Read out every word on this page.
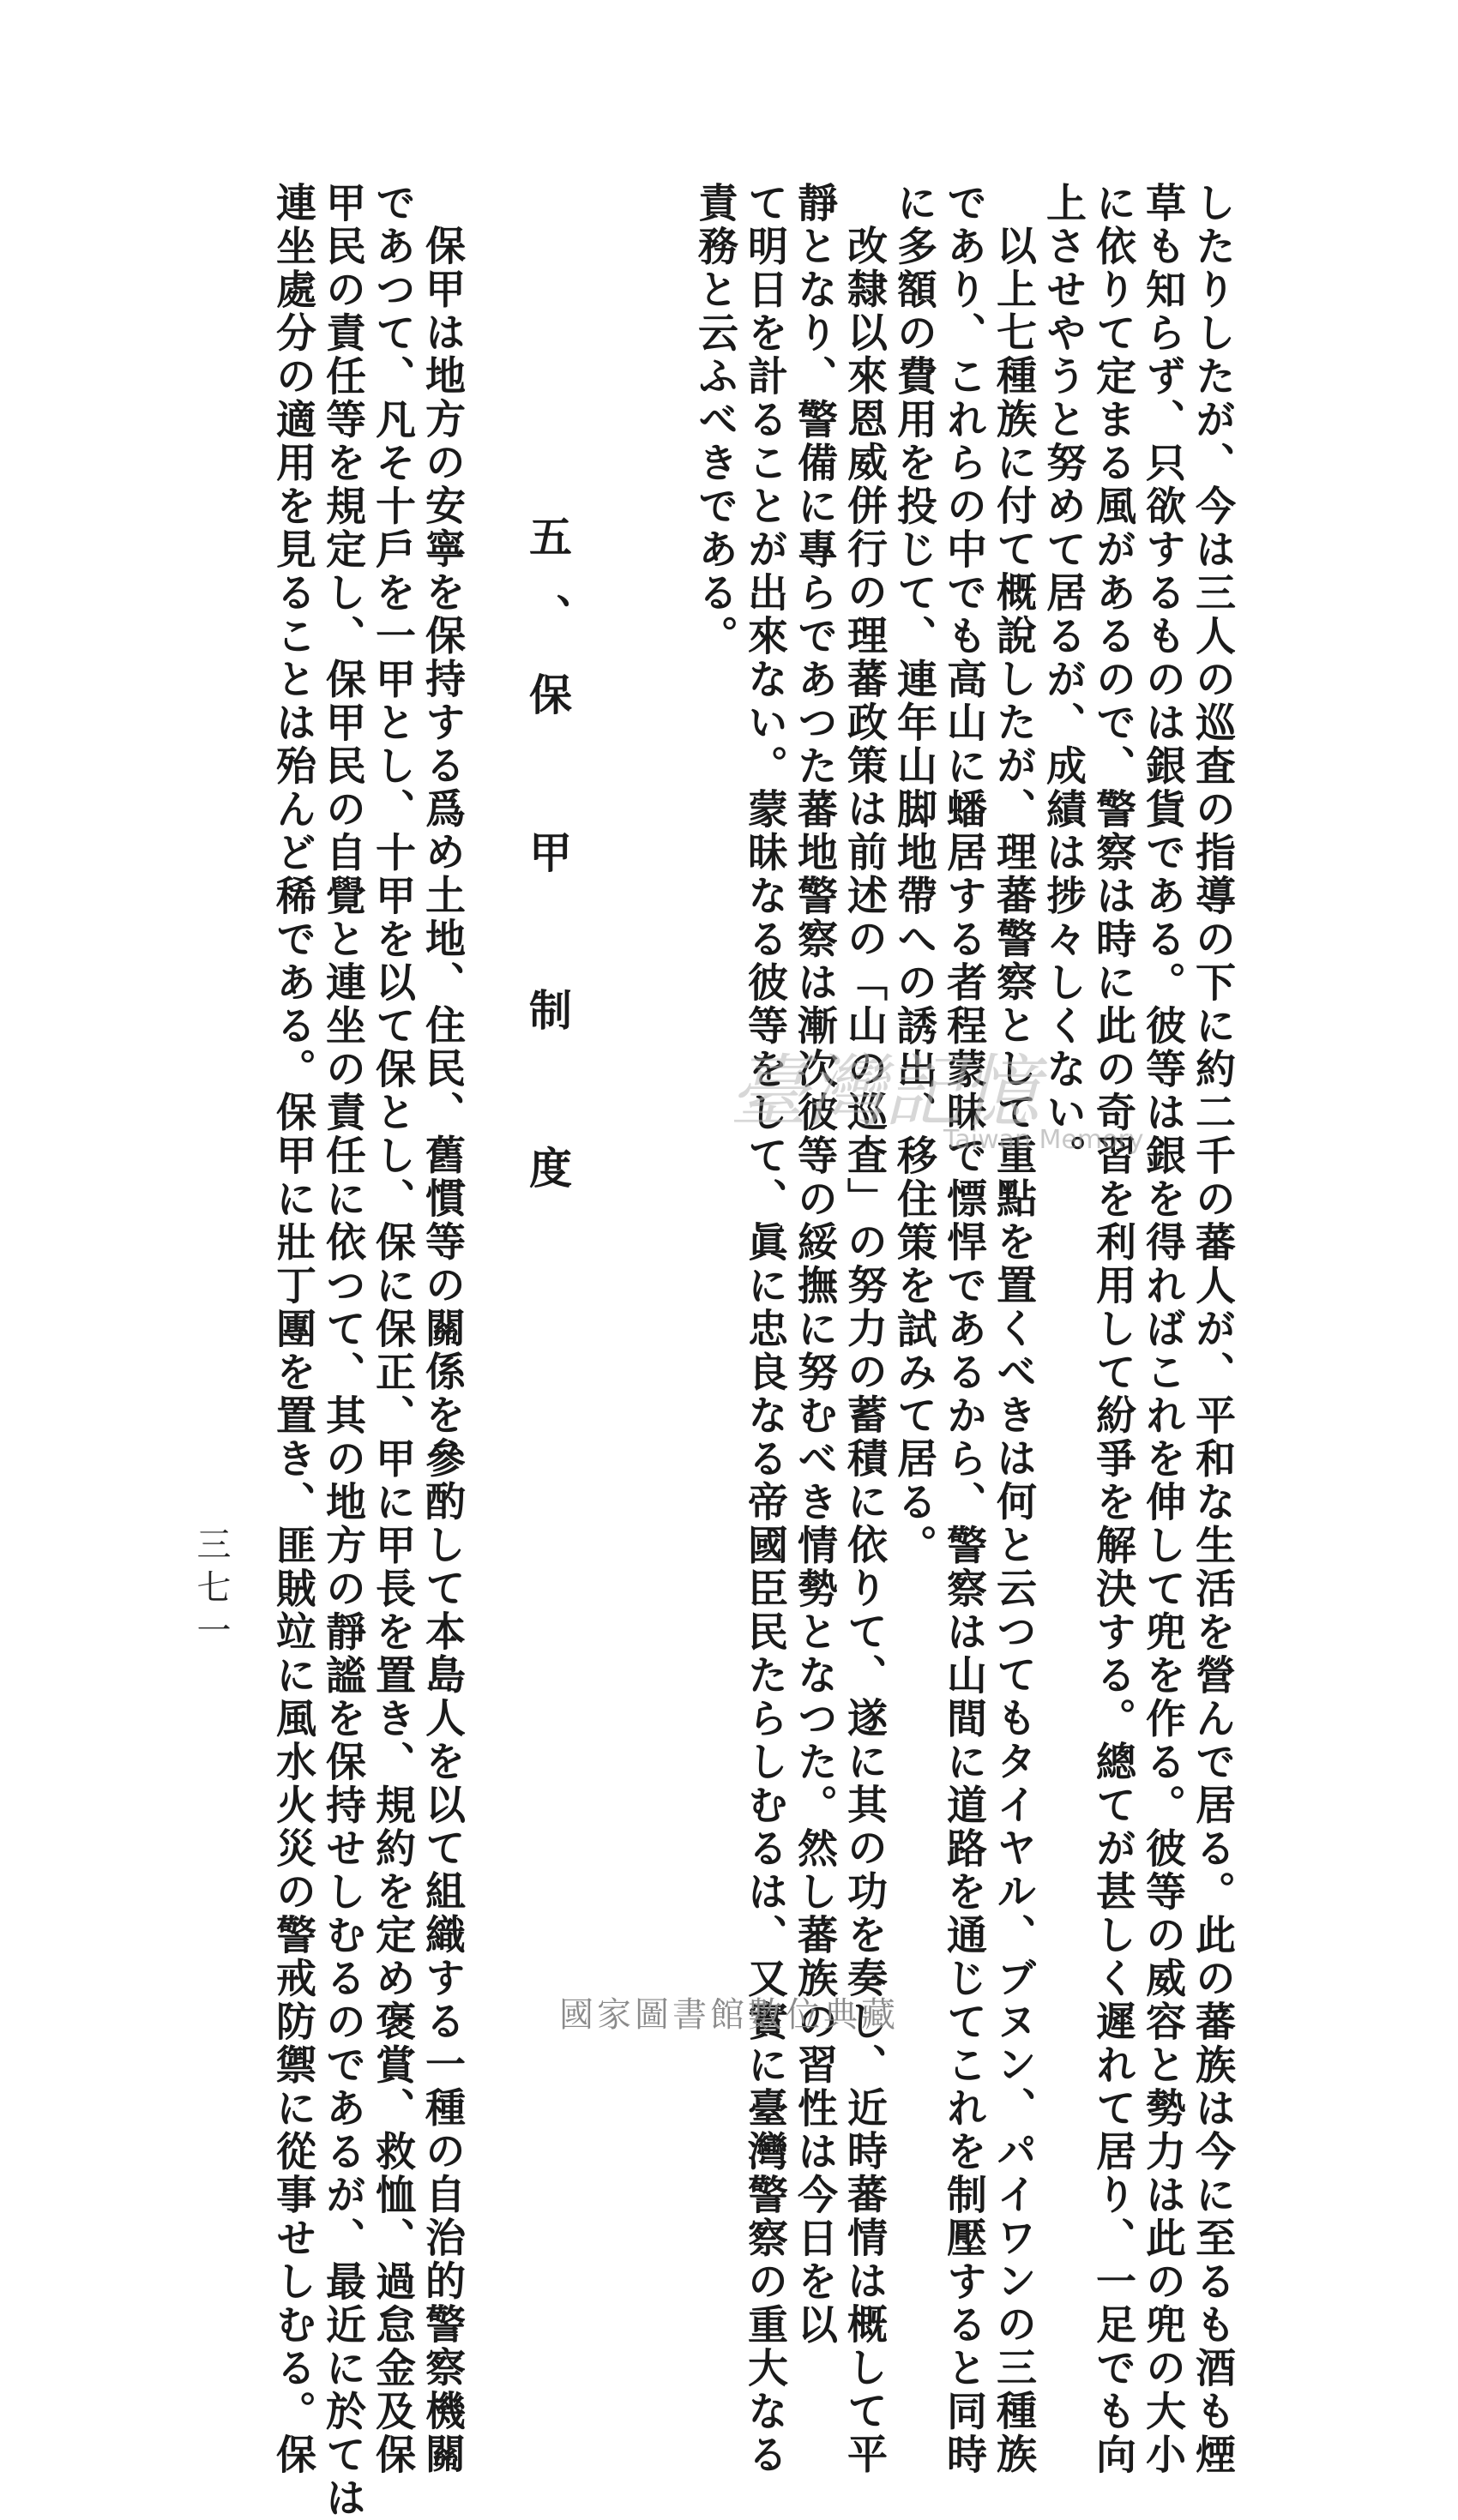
したりしたが、今は三人の巡査の指導の下に約二千の蕃人が、平和な生活を營んで居る。此の蕃族は今に至るも酒も煙
草も知らず、只欲するものは銀貨である。彼等は銀を得ればこれを伸して兜を作る。彼等の威容と勢力は此の兜の大小
に依りて定まる風があるので、警察は時に此の奇習を利用して紛爭を解決する。總てが甚しく遲れて居り、一足でも向
上させやうと努めて居るが、成績は捗々しくない。
以上七種族に付て概說したが、理蕃警察として重點を置くべきは何と云つてもタイヤル、ブヌン、パイワンの三種族
であり、これらの中でも高山に蟠居する者程蒙昧で慓悍であるから、警察は山間に道路を通じてこれを制壓すると同時
に多額の費用を投じて、連年山脚地帶への誘出、移住策を試みて居る。
改隸以來恩威併行の理蕃政策は前述の「山の巡査」の努力の蓄積に依りて、遂に其の功を奏し、近時蕃情は概して平
靜となり、警備に專らであつた蕃地警察は漸次彼等の綏撫に努むべき情勢となつた。然し蕃族の習性は今日を以
て明日を計ることが出來ない。蒙昧なる彼等をして、眞に忠良なる帝國臣民たらしむるは、又實に臺灣警察の重大なる
責務と云ふべきである。
五、保　甲　制　度
保甲は地方の安寧を保持する爲め土地、住民、舊慣等の關係を參酌して本島人を以て組織する一種の自治的警察機關
であつて、凡そ十戶を一甲とし、十甲を以て保とし、保に保正、甲に甲長を置き、規約を定め褒賞、救恤、過怠金及保
甲民の責任等を規定し、保甲民の自覺と連坐の責任に依つて、其の地方の靜謐を保持せしむるのであるが、最近に於ては
連坐處分の適用を見ることは殆んど稀である。保甲に壯丁團を置き、匪賊竝に風水火災の警戒防禦に從事せしむる。保
三七一
臺灣記憶
Taiwan Memory
國家圖書館數位典藏
